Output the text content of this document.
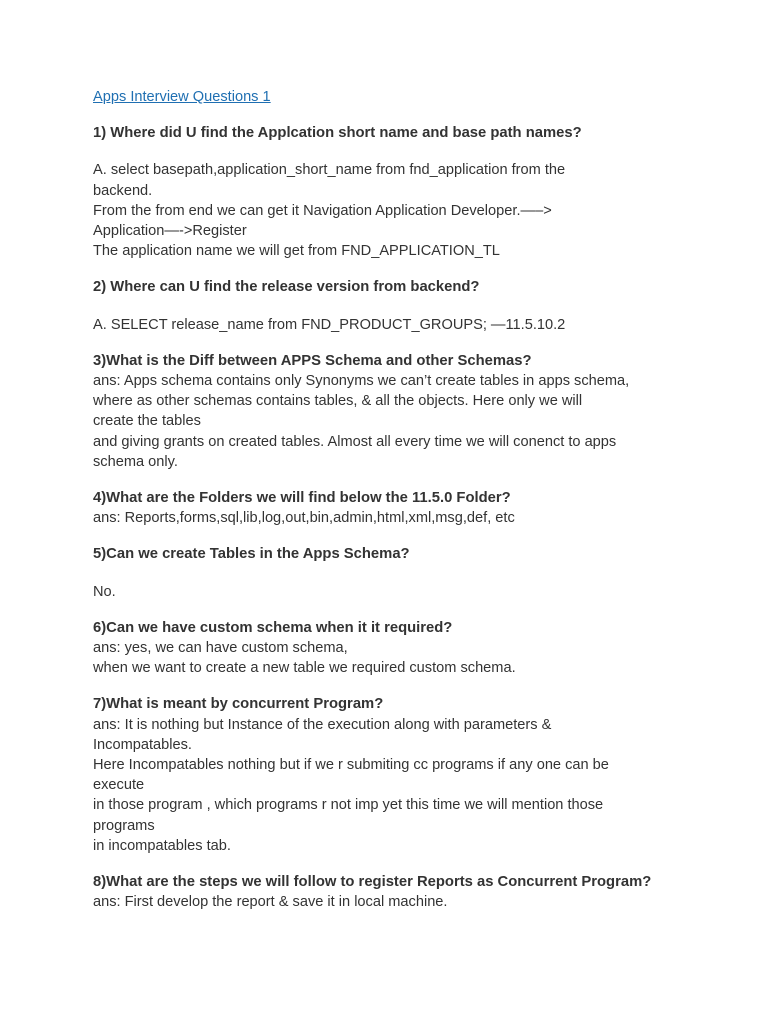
Apps Interview Questions 1

1) Where did U find the Applcation short name and base path names?

A. select basepath,application_short_name from fnd_application from the
backend.
From the from end we can get it Navigation Application Developer.—–>
Application—->Register
The application name we will get from FND_APPLICATION_TL

2) Where can U find the release version from backend?

A. SELECT release_name from FND_PRODUCT_GROUPS; —11.5.10.2

3)What is the Diff between APPS Schema and other Schemas?

ans: Apps schema contains only Synonyms we can’t create tables in apps schema,
where as other schemas contains tables, & all the objects. Here only we will
create the tables
and giving grants on created tables. Almost all every time we will conenct to apps
schema only.

4)What are the Folders we will find below the 11.5.0 Folder?

ans: Reports,forms,sql,lib,log,out,bin,admin,html,xml,msg,def, etc

5)Can we create Tables in the Apps Schema?

No.

6)Can we have custom schema when it it required?

ans: yes, we can have custom schema,
when we want to create a new table we required custom schema.

7)What is meant by concurrent Program?

ans: It is nothing but Instance of the execution along with parameters &
Incompatables.
Here Incompatables nothing but if we r submiting cc programs if any one can be
execute
in those program , which programs r not imp yet this time we will mention those
programs
in incompatables tab.

8)What are the steps we will follow to register Reports as Concurrent Program?

ans: First develop the report & save it in local machine.
